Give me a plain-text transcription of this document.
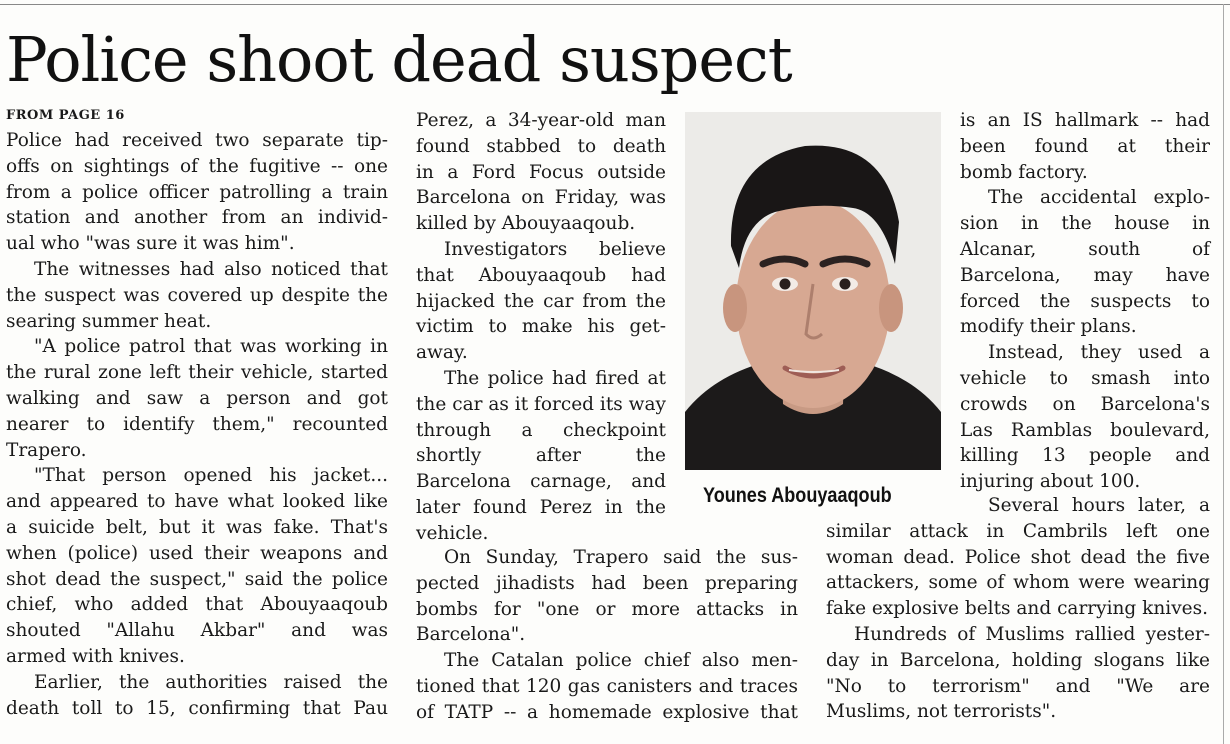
Police shoot dead suspect
FROM PAGE 16
Police had received two separate tip-
offs on sightings of the fugitive -- one
from a police officer patrolling a train
station and another from an individ-
ual who "was sure it was him".
The witnesses had also noticed that
the suspect was covered up despite the
searing summer heat.
"A police patrol that was working in
the rural zone left their vehicle, started
walking and saw a person and got
nearer to identify them," recounted
Trapero.
"That person opened his jacket...
and appeared to have what looked like
a suicide belt, but it was fake. That's
when (police) used their weapons and
shot dead the suspect," said the police
chief, who added that Abouyaaqoub
shouted "Allahu Akbar" and was
armed with knives.
Earlier, the authorities raised the
death toll to 15, confirming that Pau
Perez, a 34-year-old man
found stabbed to death
in a Ford Focus outside
Barcelona on Friday, was
killed by Abouyaaqoub.
Investigators believe
that Abouyaaqoub had
hijacked the car from the
victim to make his get-
away.
The police had fired at
the car as it forced its way
through a checkpoint
shortly after the
Barcelona carnage, and
later found Perez in the
vehicle.
On Sunday, Trapero said the sus-
pected jihadists had been preparing
bombs for "one or more attacks in
Barcelona".
The Catalan police chief also men-
tioned that 120 gas canisters and traces
of TATP -- a homemade explosive that
Younes Abouyaaqoub
is an IS hallmark -- had
been found at their
bomb factory.
The accidental explo-
sion in the house in
Alcanar, south of
Barcelona, may have
forced the suspects to
modify their plans.
Instead, they used a
vehicle to smash into
crowds on Barcelona's
Las Ramblas boulevard,
killing 13 people and
injuring about 100.
Several hours later, a
similar attack in Cambrils left one
woman dead. Police shot dead the five
attackers, some of whom were wearing
fake explosive belts and carrying knives.
Hundreds of Muslims rallied yester-
day in Barcelona, holding slogans like
"No to terrorism" and "We are
Muslims, not terrorists".
